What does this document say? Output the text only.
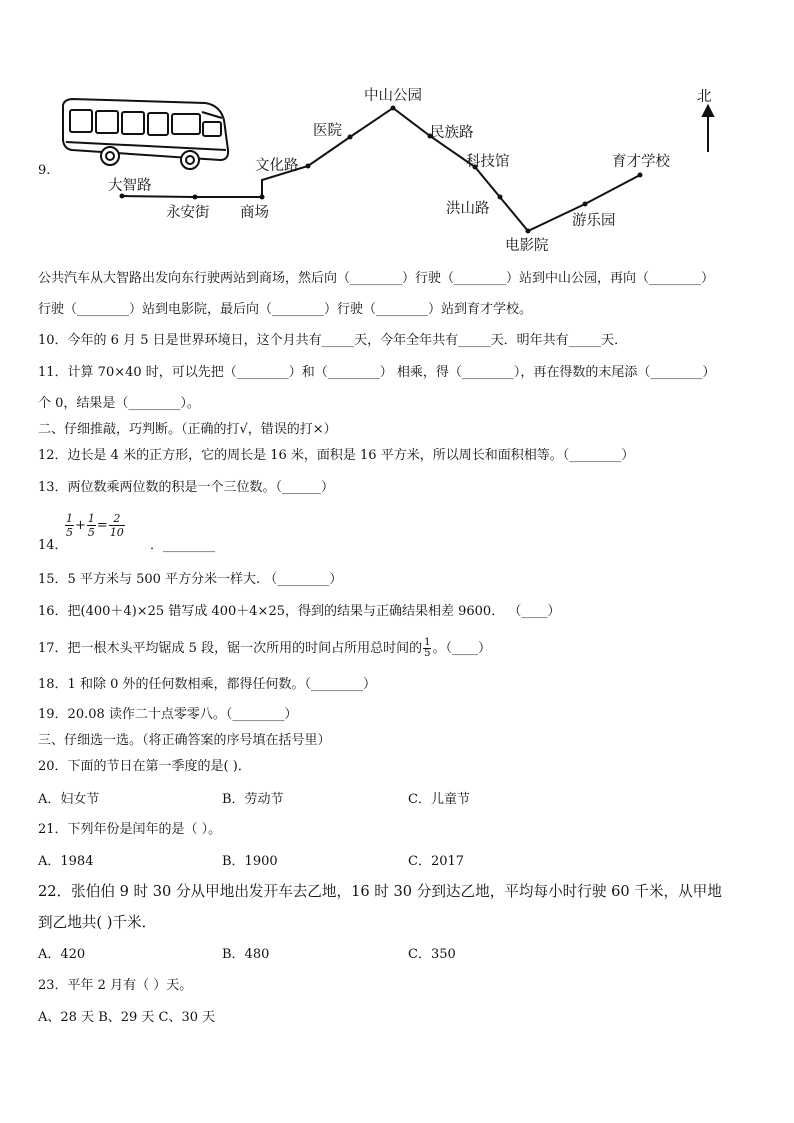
9.
北
大智路
永安街 商场
文化路
医院
中山公园
民族路
科技馆
洪山路
电影院
游乐园
育才学校
公共汽车从大智路出发向东行驶两站到商场，然后向（________）行驶（________）站到中山公园，再向（________）
行驶（________）站到电影院，最后向（________）行驶（________）站到育才学校。
10．今年的 6 月 5 日是世界环境日，这个月共有_____天，今年全年共有_____天．明年共有_____天．
11．计算 70×40 时，可以先把（________）和（________） 相乘，得（________），再在得数的末尾添（________）
个 0，结果是（________）。
二、仔细推敲，巧判断。（正确的打√，错误的打×）
12．边长是 4 米的正方形，它的周长是 16 米，面积是 16 平方米，所以周长和面积相等。（________）
13．两位数乘两位数的积是一个三位数。（______）
14．
$\frac{1}{5} + \frac{1}{5} = \frac{2}{10}$
．________
15．5 平方米与 500 平方分米一样大. （________）
16．把(400＋4)×25 错写成 400＋4×25，得到的结果与正确结果相差 9600． （____）
17．把一根木头平均锯成 5 段，锯一次所用的时间占所用总时间的 $\frac{1}{5}$ 。（____）
18．1 和除 0 外的任何数相乘，都得任何数。（________）
19．20.08 读作二十点零零八。（________）
三、仔细选一选。（将正确答案的序号填在括号里）
20．下面的节日在第一季度的是( )．
A．妇女节	B．劳动节	C．儿童节
21．下列年份是闰年的是（ ）。
A．1984	B．1900	C．2017
22．张伯伯 9 时 30 分从甲地出发开车去乙地，16 时 30 分到达乙地，平均每小时行驶 60 千米，从甲地
到乙地共( )千米．
A．420	B．480	C．350
23．平年 2 月有（ ）天。
A、28 天 B、29 天 C、30 天
